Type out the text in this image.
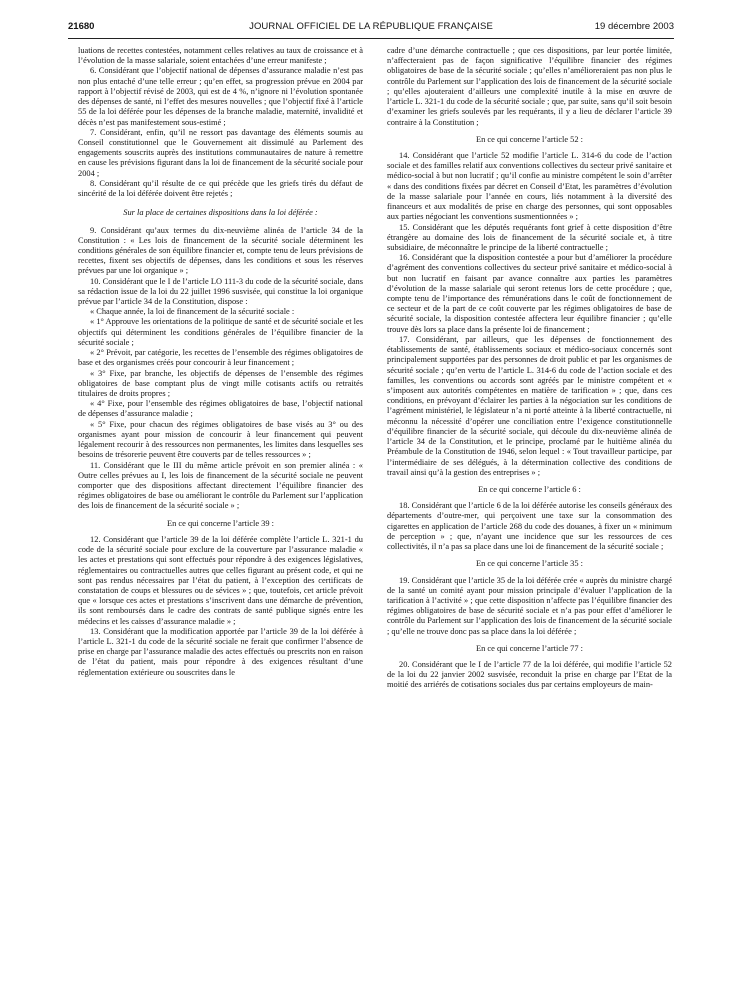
21680	JOURNAL OFFICIEL DE LA RÉPUBLIQUE FRANÇAISE	19 décembre 2003

luations de recettes contestées, notamment celles relatives au taux de croissance et à l’évolution de la masse salariale, soient entachées d’une erreur manifeste ;

6. Considérant que l’objectif national de dépenses d’assurance maladie n’est pas non plus entaché d’une telle erreur ; qu’en effet, sa progression prévue en 2004 par rapport à l’objectif révisé de 2003, qui est de 4 %, n’ignore ni l’évolution spontanée des dépenses de santé, ni l’effet des mesures nouvelles ; que l’objectif fixé à l’article 55 de la loi déférée pour les dépenses de la branche maladie, maternité, invalidité et décès n’est pas manifestement sous-estimé ;

7. Considérant, enfin, qu’il ne ressort pas davantage des éléments soumis au Conseil constitutionnel que le Gouvernement ait dissimulé au Parlement des engagements souscrits auprès des institutions communautaires de nature à remettre en cause les prévisions figurant dans la loi de financement de la sécurité sociale pour 2004 ;

8. Considérant qu’il résulte de ce qui précède que les griefs tirés du défaut de sincérité de la loi déférée doivent être rejetés ;

Sur la place de certaines dispositions dans la loi déférée :

9. Considérant qu’aux termes du dix-neuvième alinéa de l’article 34 de la Constitution : « Les lois de financement de la sécurité sociale déterminent les conditions générales de son équilibre financier et, compte tenu de leurs prévisions de recettes, fixent ses objectifs de dépenses, dans les conditions et sous les réserves prévues par une loi organique » ;

10. Considérant que le I de l’article LO 111-3 du code de la sécurité sociale, dans sa rédaction issue de la loi du 22 juillet 1996 susvisée, qui constitue la loi organique prévue par l’article 34 de la Constitution, dispose :

« Chaque année, la loi de financement de la sécurité sociale :

« 1° Approuve les orientations de la politique de santé et de sécurité sociale et les objectifs qui déterminent les conditions générales de l’équilibre financier de la sécurité sociale ;

« 2° Prévoit, par catégorie, les recettes de l’ensemble des régimes obligatoires de base et des organismes créés pour concourir à leur financement ;

« 3° Fixe, par branche, les objectifs de dépenses de l’ensemble des régimes obligatoires de base comptant plus de vingt mille cotisants actifs ou retraités titulaires de droits propres ;

« 4° Fixe, pour l’ensemble des régimes obligatoires de base, l’objectif national de dépenses d’assurance maladie ;

« 5° Fixe, pour chacun des régimes obligatoires de base visés au 3° ou des organismes ayant pour mission de concourir à leur financement qui peuvent légalement recourir à des ressources non permanentes, les limites dans lesquelles ses besoins de trésorerie peuvent être couverts par de telles ressources » ;

11. Considérant que le III du même article prévoit en son premier alinéa : « Outre celles prévues au I, les lois de financement de la sécurité sociale ne peuvent comporter que des dispositions affectant directement l’équilibre financier des régimes obligatoires de base ou améliorant le contrôle du Parlement sur l’application des lois de financement de la sécurité sociale » ;

En ce qui concerne l’article 39 :

12. Considérant que l’article 39 de la loi déférée complète l’article L. 321-1 du code de la sécurité sociale pour exclure de la couverture par l’assurance maladie « les actes et prestations qui sont effectués pour répondre à des exigences législatives, réglementaires ou contractuelles autres que celles figurant au présent code, et qui ne sont pas rendus nécessaires par l’état du patient, à l’exception des certificats de constatation de coups et blessures ou de sévices » ; que, toutefois, cet article prévoit que « lorsque ces actes et prestations s’inscrivent dans une démarche de prévention, ils sont remboursés dans le cadre des contrats de santé publique signés entre les médecins et les caisses d’assurance maladie » ;

13. Considérant que la modification apportée par l’article 39 de la loi déférée à l’article L. 321-1 du code de la sécurité sociale ne ferait que confirmer l’absence de prise en charge par l’assurance maladie des actes effectués ou prescrits non en raison de l’état du patient, mais pour répondre à des exigences résultant d’une réglementation extérieure ou souscrites dans le

cadre d’une démarche contractuelle ; que ces dispositions, par leur portée limitée, n’affecteraient pas de façon significative l’équilibre financier des régimes obligatoires de base de la sécurité sociale ; qu’elles n’amélioreraient pas non plus le contrôle du Parlement sur l’application des lois de financement de la sécurité sociale ; qu’elles ajouteraient d’ailleurs une complexité inutile à la mise en œuvre de l’article L. 321-1 du code de la sécurité sociale ; que, par suite, sans qu’il soit besoin d’examiner les griefs soulevés par les requérants, il y a lieu de déclarer l’article 39 contraire à la Constitution ;

En ce qui concerne l’article 52 :

14. Considérant que l’article 52 modifie l’article L. 314-6 du code de l’action sociale et des familles relatif aux conventions collectives du secteur privé sanitaire et médico-social à but non lucratif ; qu’il confie au ministre compétent le soin d’arrêter « dans des conditions fixées par décret en Conseil d’Etat, les paramètres d’évolution de la masse salariale pour l’année en cours, liés notamment à la diversité des financeurs et aux modalités de prise en charge des personnes, qui sont opposables aux parties négociant les conventions susmentionnées » ;

15. Considérant que les députés requérants font grief à cette disposition d’être étrangère au domaine des lois de financement de la sécurité sociale et, à titre subsidiaire, de méconnaître le principe de la liberté contractuelle ;

16. Considérant que la disposition contestée a pour but d’améliorer la procédure d’agrément des conventions collectives du secteur privé sanitaire et médico-social à but non lucratif en faisant par avance connaître aux parties les paramètres d’évolution de la masse salariale qui seront retenus lors de cette procédure ; que, compte tenu de l’importance des rémunérations dans le coût de fonctionnement de ce secteur et de la part de ce coût couverte par les régimes obligatoires de base de sécurité sociale, la disposition contestée affectera leur équilibre financier ; qu’elle trouve dès lors sa place dans la présente loi de financement ;

17. Considérant, par ailleurs, que les dépenses de fonctionnement des établissements de santé, établissements sociaux et médico-sociaux concernés sont principalement supportées par des personnes de droit public et par les organismes de sécurité sociale ; qu’en vertu de l’article L. 314-6 du code de l’action sociale et des familles, les conventions ou accords sont agréés par le ministre compétent et « s’imposent aux autorités compétentes en matière de tarification » ; que, dans ces conditions, en prévoyant d’éclairer les parties à la négociation sur les conditions de l’agrément ministériel, le législateur n’a ni porté atteinte à la liberté contractuelle, ni méconnu la nécessité d’opérer une conciliation entre l’exigence constitutionnelle d’équilibre financier de la sécurité sociale, qui découle du dix-neuvième alinéa de l’article 34 de la Constitution, et le principe, proclamé par le huitième alinéa du Préambule de la Constitution de 1946, selon lequel : « Tout travailleur participe, par l’intermédiaire de ses délégués, à la détermination collective des conditions de travail ainsi qu’à la gestion des entreprises » ;

En ce qui concerne l’article 6 :

18. Considérant que l’article 6 de la loi déférée autorise les conseils généraux des départements d’outre-mer, qui perçoivent une taxe sur la consommation des cigarettes en application de l’article 268 du code des douanes, à fixer un « minimum de perception » ; que, n’ayant une incidence que sur les ressources de ces collectivités, il n’a pas sa place dans une loi de financement de la sécurité sociale ;

En ce qui concerne l’article 35 :

19. Considérant que l’article 35 de la loi déférée crée « auprès du ministre chargé de la santé un comité ayant pour mission principale d’évaluer l’application de la tarification à l’activité » ; que cette disposition n’affecte pas l’équilibre financier des régimes obligatoires de base de sécurité sociale et n’a pas pour effet d’améliorer le contrôle du Parlement sur l’application des lois de financement de la sécurité sociale ; qu’elle ne trouve donc pas sa place dans la loi déférée ;

En ce qui concerne l’article 77 :

20. Considérant que le I de l’article 77 de la loi déférée, qui modifie l’article 52 de la loi du 22 janvier 2002 susvisée, reconduit la prise en charge par l’Etat de la moitié des arriérés de cotisations sociales dus par certains employeurs de main-
